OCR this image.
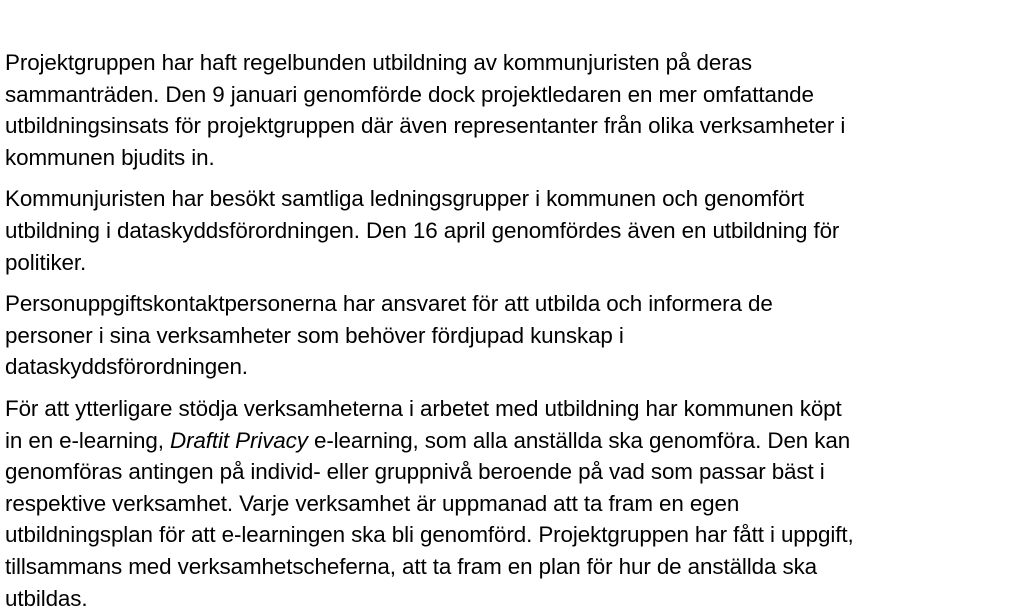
Projektgruppen har haft regelbunden utbildning av kommunjuristen på deras
sammanträden. Den 9 januari genomförde dock projektledaren en mer omfattande
utbildningsinsats för projektgruppen där även representanter från olika verksamheter i
kommunen bjudits in.

Kommunjuristen har besökt samtliga ledningsgrupper i kommunen och genomfört
utbildning i dataskyddsförordningen. Den 16 april genomfördes även en utbildning för
politiker.

Personuppgiftskontaktpersonerna har ansvaret för att utbilda och informera de
personer i sina verksamheter som behöver fördjupad kunskap i
dataskyddsförordningen.

För att ytterligare stödja verksamheterna i arbetet med utbildning har kommunen köpt
in en e-learning, Draftit Privacy e-learning, som alla anställda ska genomföra. Den kan
genomföras antingen på individ- eller gruppnivå beroende på vad som passar bäst i
respektive verksamhet. Varje verksamhet är uppmanad att ta fram en egen
utbildningsplan för att e-learningen ska bli genomförd. Projektgruppen har fått i uppgift,
tillsammans med verksamhetscheferna, att ta fram en plan för hur de anställda ska
utbildas.
